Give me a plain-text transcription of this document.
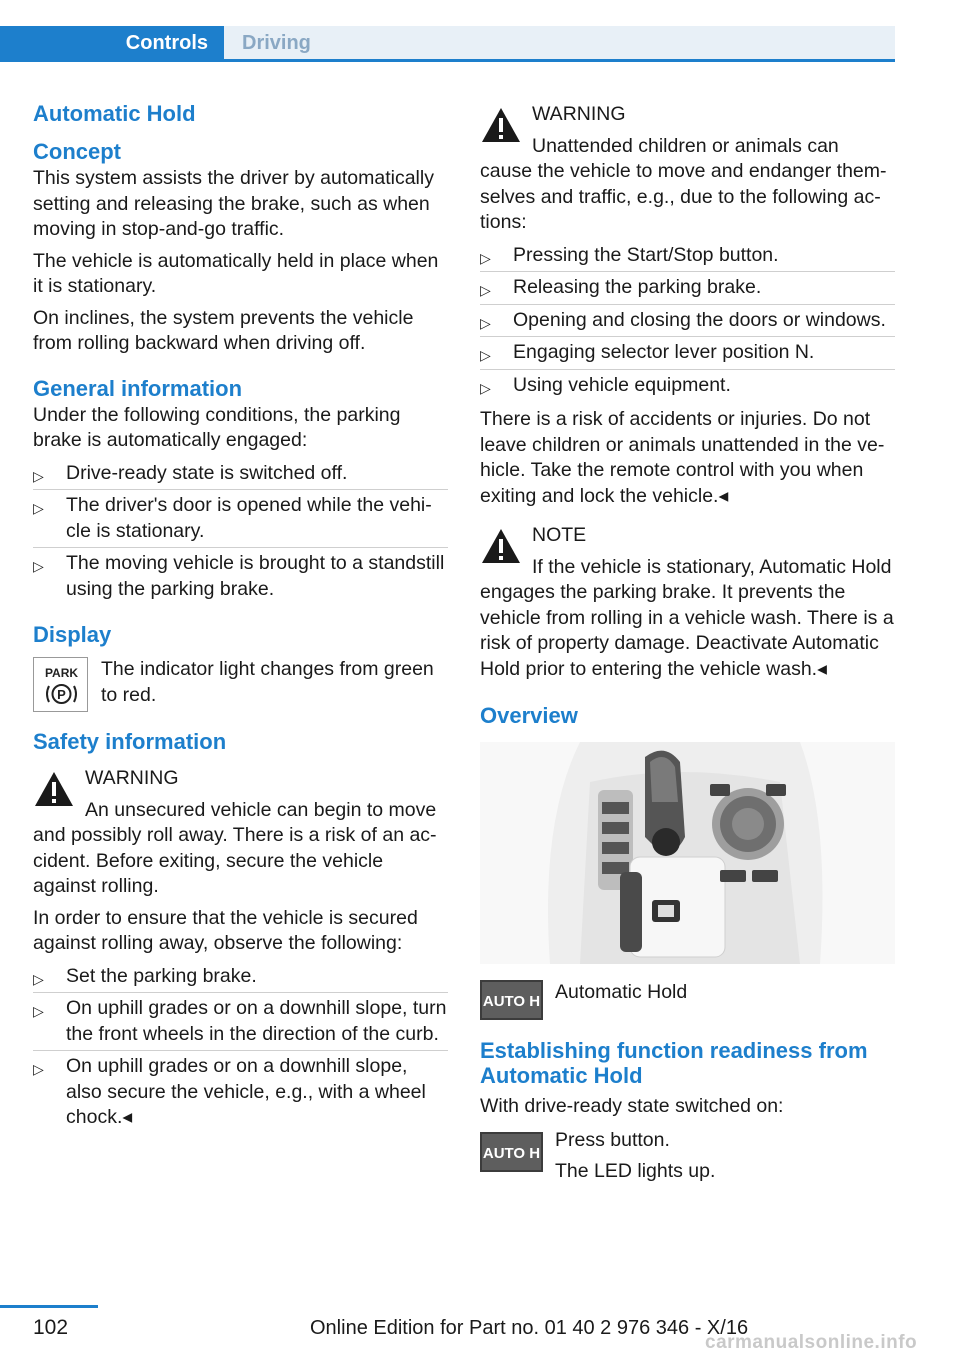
Controls	Driving
Automatic Hold
Concept

This system assists the driver by automatically setting and releasing the brake, such as when moving in stop-and-go traffic.

The vehicle is automatically held in place when it is stationary.

On inclines, the system prevents the vehicle from rolling backward when driving off.

General information

Under the following conditions, the parking brake is automatically engaged:

▷ Drive-ready state is switched off.
▷ The driver's door is opened while the vehicle is stationary.
▷ The moving vehicle is brought to a standstill using the parking brake.
Display
PARK
P

The indicator light changes from green to red.

Safety information
WARNING
An unsecured vehicle can begin to move and possibly roll away. There is a risk of an accident. Before exiting, secure the vehicle against rolling.

In order to ensure that the vehicle is secured against rolling away, observe the following:

▷ Set the parking brake.
▷ On uphill grades or on a downhill slope, turn the front wheels in the direction of the curb.
▷ On uphill grades or on a downhill slope, also secure the vehicle, e.g., with a wheel chock.◂
WARNING
Unattended children or animals can cause the vehicle to move and endanger themselves and traffic, e.g., due to the following actions:
▷ Pressing the Start/Stop button.
▷ Releasing the parking brake.
▷ Opening and closing the doors or windows.
▷ Engaging selector lever position N.
▷ Using vehicle equipment.

There is a risk of accidents or injuries. Do not leave children or animals unattended in the vehicle. Take the remote control with you when exiting and lock the vehicle.◂

NOTE
If the vehicle is stationary, Automatic Hold engages the parking brake. It prevents the vehicle from rolling in a vehicle wash. There is a risk of property damage. Deactivate Automatic Hold prior to entering the vehicle wash.◂
Overview
AUTO H Automatic Hold

Establishing function readiness from Automatic Hold

With drive-ready state switched on:

AUTO H

Press button.

The LED lights up.

102	Online Edition for Part no. 01 40 2 976 346 - X/16
carmanualsonline.info
